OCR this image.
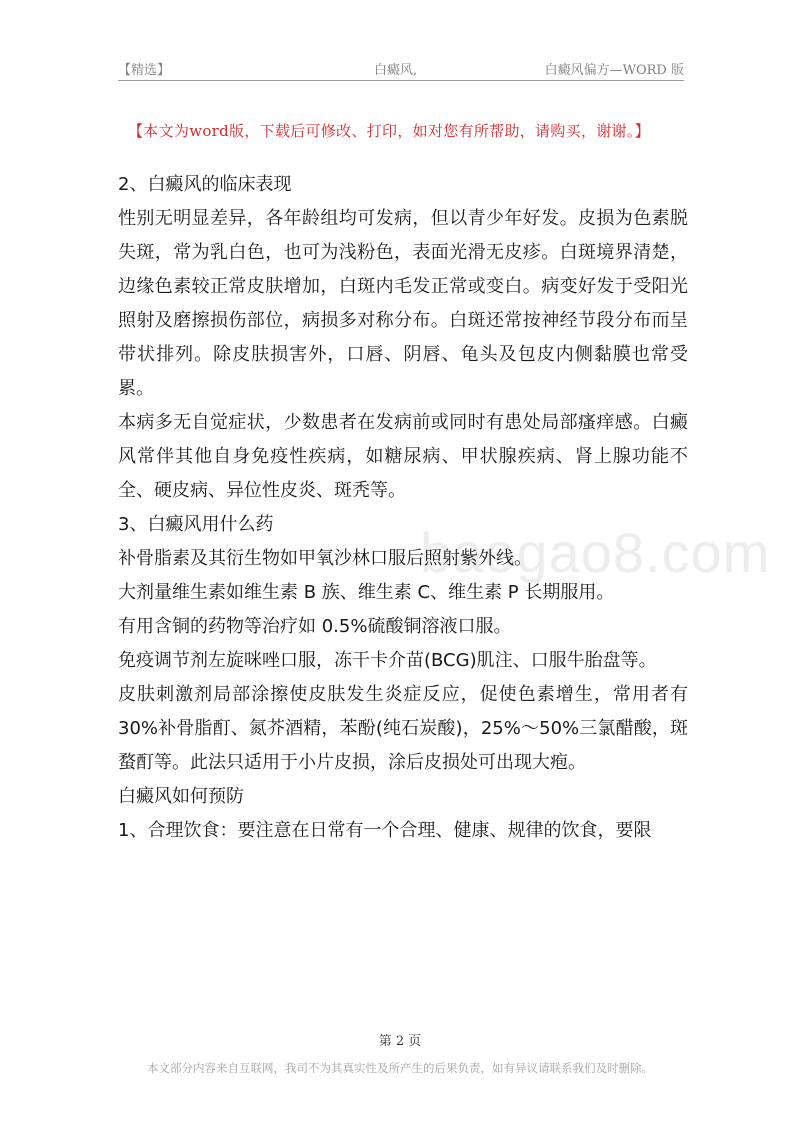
【精选】	白癜风,	白癜风偏方—WORD 版
【本文为word版，下载后可修改、打印，如对您有所帮助，请购买，谢谢。】
baogao8.com

2、白癜风的临床表现

性别无明显差异，各年龄组均可发病，但以青少年好发。皮损为色素脱失斑，常为乳白色，也可为浅粉色，表面光滑无皮疹。白斑境界清楚，边缘色素较正常皮肤增加，白斑内毛发正常或变白。病变好发于受阳光照射及磨擦损伤部位，病损多对称分布。白斑还常按神经节段分布而呈带状排列。除皮肤损害外，口唇、阴唇、龟头及包皮内侧黏膜也常受累。

本病多无自觉症状，少数患者在发病前或同时有患处局部瘙痒感。白癜风常伴其他自身免疫性疾病，如糖尿病、甲状腺疾病、肾上腺功能不全、硬皮病、异位性皮炎、斑秃等。

3、白癜风用什么药

补骨脂素及其衍生物如甲氧沙林口服后照射紫外线。

大剂量维生素如维生素 B 族、维生素 C、维生素 P 长期服用。

有用含铜的药物等治疗如 0.5%硫酸铜溶液口服。

免疫调节剂左旋咪唑口服，冻干卡介苗(BCG)肌注、口服牛胎盘等。

皮肤刺激剂局部涂擦使皮肤发生炎症反应，促使色素增生，常用者有30%补骨脂酊、氮芥酒精，苯酚(纯石炭酸)，25%～50%三氯醋酸，斑蝥酊等。此法只适用于小片皮损，涂后皮损处可出现大疱。

白癜风如何预防

1、合理饮食：要注意在日常有一个合理、健康、规律的饮食，要限

第 2 页
本文部分内容来自互联网，我司不为其真实性及所产生的后果负责，如有异议请联系我们及时删除。
